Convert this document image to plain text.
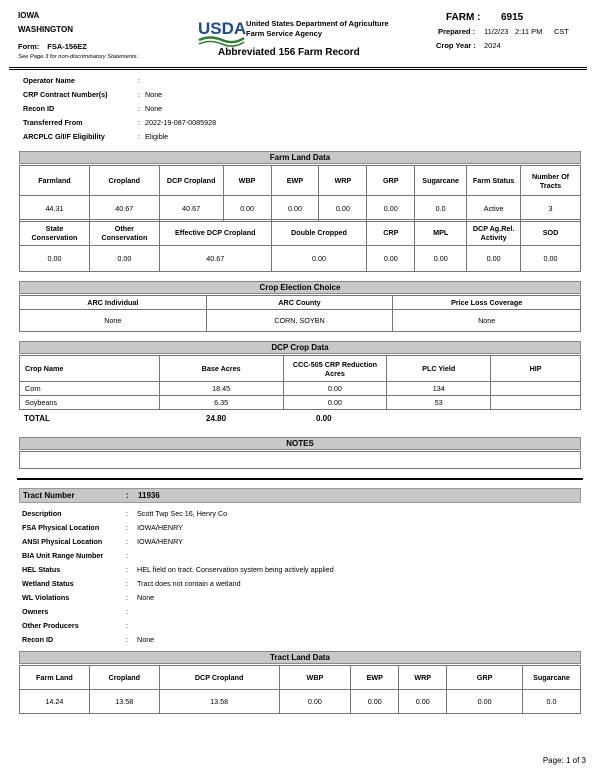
IOWA
WASHINGTON
Form: FSA-156EZ
See Page 3 for non-discriminatory Statements.
USDA United States Department of Agriculture
Farm Service Agency
Abbreviated 156 Farm Record
FARM : 6915
Prepared : 11/2/23 2:11 PM CST
Crop Year : 2024
Operator Name	:
CRP Contract Number(s)	: None
Recon ID	: None
Transferred From	: 2022-19-087-0085928
ARCPLC G/I/F Eligibility	: Eligible
Farm Land Data
Farmland	Cropland	DCP Cropland	WBP	EWP	WRP	GRP	Sugarcane	Farm Status	Number Of Tracts
44.31	40.67	40.67	0.00	0.00	0.00	0.00	0.0	Active	3
State Conservation	Other Conservation	Effective DCP Cropland	Double Cropped	CRP	MPL	DCP Ag.Rel. Activity	SOD
0.00	0.00	40.67	0.00	0.00	0.00	0.00	0.00
Crop Election Choice
ARC Individual	ARC County	Price Loss Coverage
None	CORN, SOYBN	None
DCP Crop Data
Crop Name	Base Acres	CCC-505 CRP Reduction Acres	PLC Yield	HIP
Corn	18.45	0.00	134	
Soybeans	6.35	0.00	53	
TOTAL	24.80	0.00
NOTES
Tract Number	: 11936
Description	: Scott Twp Sec 16, Henry Co
FSA Physical Location	: IOWA/HENRY
ANSI Physical Location	: IOWA/HENRY
BIA Unit Range Number	:
HEL Status	: HEL field on tract. Conservation system being actively applied
Wetland Status	: Tract does not contain a wetland
WL Violations	: None
Owners	:
Other Producers	:
Recon ID	: None
Tract Land Data
Farm Land	Cropland	DCP Cropland	WBP	EWP	WRP	GRP	Sugarcane
14.24	13.58	13.58	0.00	0.00	0.00	0.00	0.0
Page: 1 of 3
